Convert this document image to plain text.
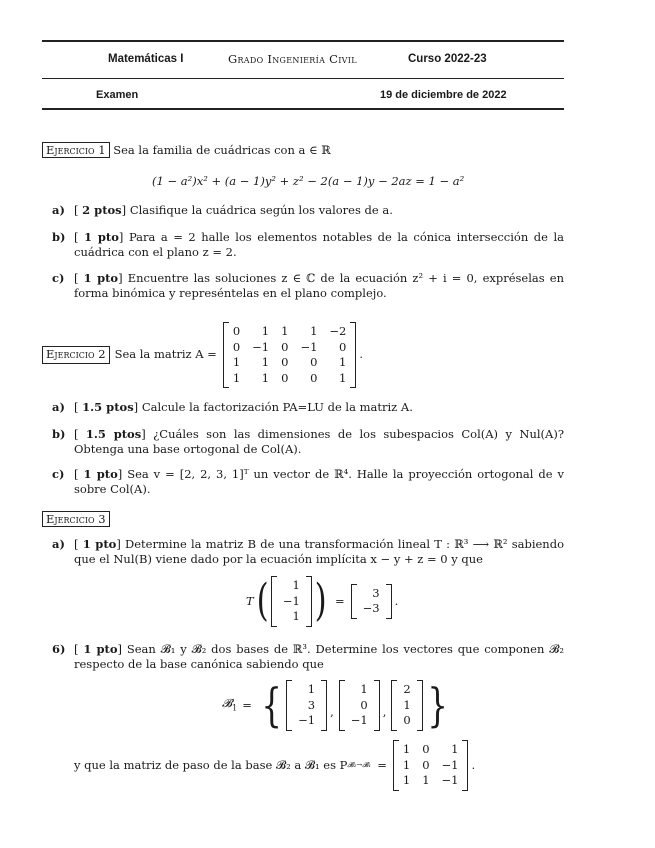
Matemáticas I	Grado Ingeniería Civil	Curso 2022-23
Examen	19 de diciembre de 2022
Ejercicio 1 Sea la familia de cuádricas con a ∈ ℝ
(1 − a²)x² + (a − 1)y² + z² − 2(a − 1)y − 2az = 1 − a²
a) [ 2 ptos] Clasifique la cuádrica según los valores de a.
b) [ 1 pto] Para a = 2 halle los elementos notables de la cónica intersección de la cuádrica con el plano z = 2.
c) [ 1 pto] Encuentre las soluciones z ∈ ℂ de la ecuación z² + i = 0, expréselas en forma binómica y represéntelas en el plano complejo.
Ejercicio 2 Sea la matriz A =
0	1 1	1 −2
0 −1 0 −1	0
1	1 0	0	1
1	1 0	0	1
.
a) [ 1.5 ptos] Calcule la factorización PA=LU de la matriz A.
b) [ 1.5 ptos] ¿Cuáles son las dimensiones de los subespacios Col(A) y Nul(A)? Obtenga una base ortogonal de Col(A).
c) [ 1 pto] Sea v = [2, 2, 3, 1]ᵀ un vector de ℝ⁴. Halle la proyección ortogonal de v sobre Col(A).
Ejercicio 3
a) [ 1 pto] Determine la matriz B de una transformación lineal T : ℝ³ ⟶ ℝ² sabiendo que el Nul(B) viene dado por la ecuación implícita x − y + z = 0 y que
T (	1
−1
1 ) =
3
−3
.
6) [ 1 pto] Sean 𝓑₁ y 𝓑₂ dos bases de ℝ³. Determine los vectores que componen 𝓑₂ respecto de la base canónica sabiendo que
𝓑$_1$ = {	1
3
−1
,
1
0
−1
,
2
1
0 }
y que la matriz de paso de la base 𝓑₂ a 𝓑₁ es P 𝓑₂→𝓑₁ =
1 0	1
1 0 −1
1 1 −1
.
